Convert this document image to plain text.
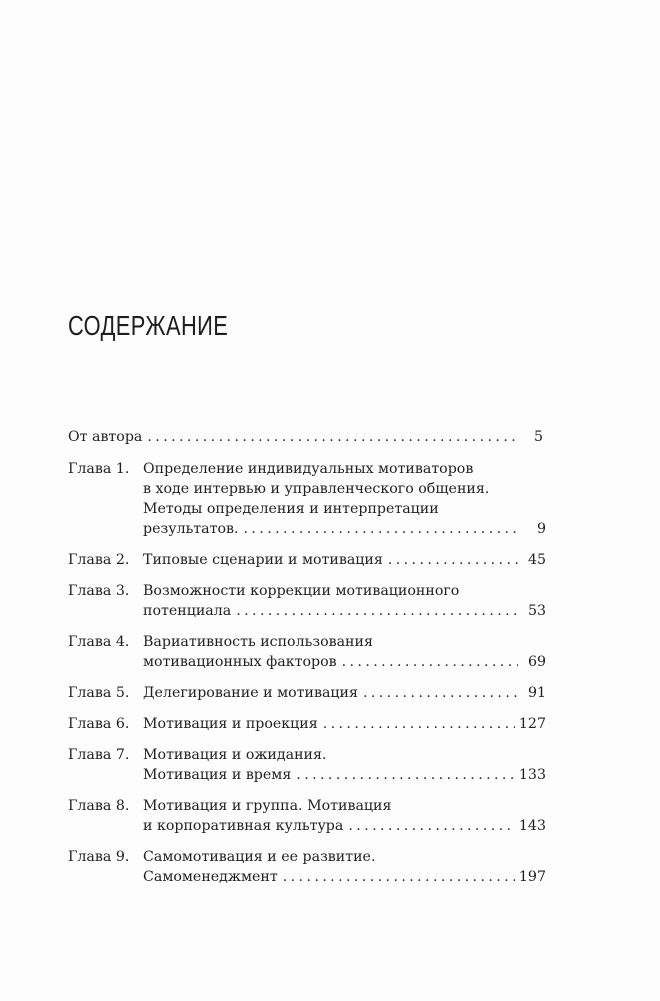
СОДЕРЖАНИЕ
От автора .....	5
Глава 1. Определение индивидуальных мотиваторов
в ходе интервью и управленческого общения.
Методы определения и интерпретации
результатов. .....	9
Глава 2. Типовые сценарии и мотивация .....	45
Глава 3. Возможности коррекции мотивационного
потенциала .....	53
Глава 4. Вариативность использования
мотивационных факторов .....	69
Глава 5. Делегирование и мотивация .....	91
Глава 6. Мотивация и проекция .....	127
Глава 7. Мотивация и ожидания.
Мотивация и время .....	133
Глава 8. Мотивация и группа. Мотивация
и корпоративная культура .....	143
Глава 9. Самомотивация и ее развитие.
Самоменеджмент .....	197
